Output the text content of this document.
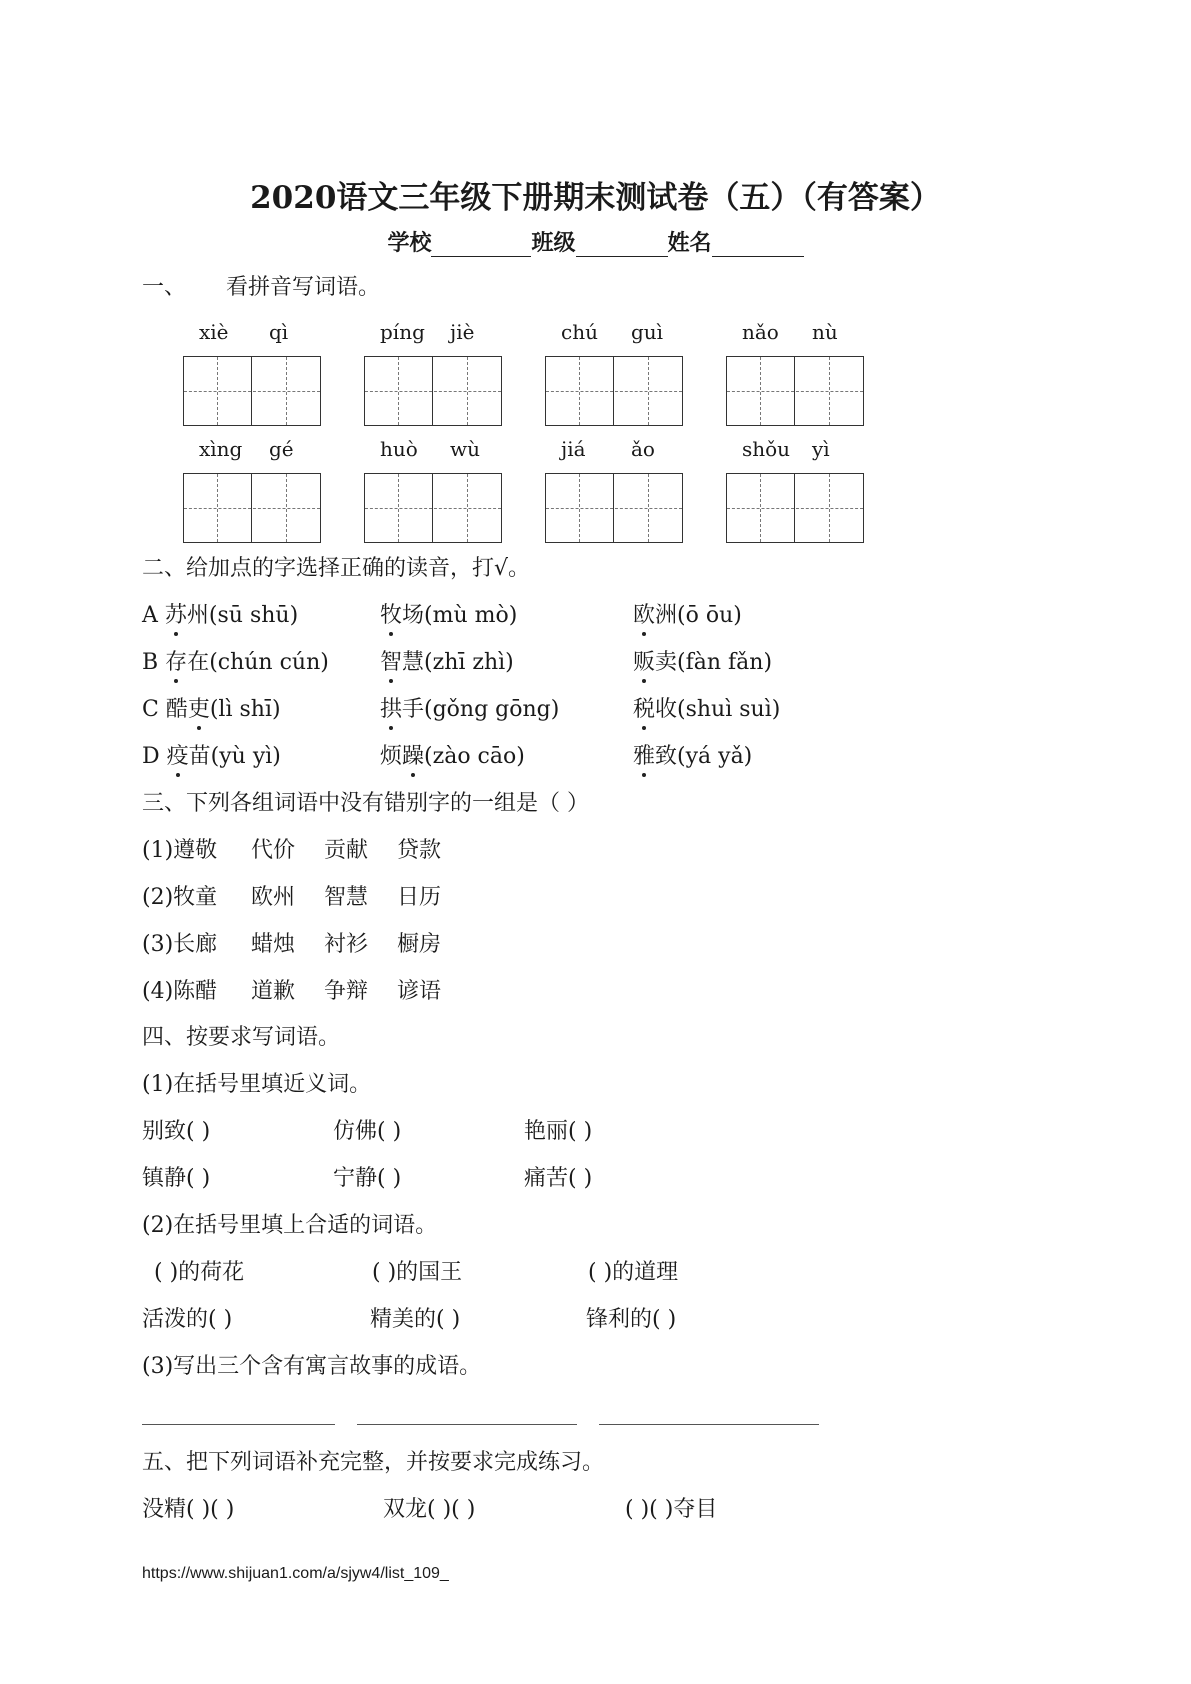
2020语文三年级下册期末测试卷（五）（有答案）
学校	班级	姓名
一、 看拼音写词语。
xiè qì	píng jiè	chú guì	nǎo nù
xìng gé	huò wù	jiá ǎo	shǒu yì
二、给加点的字选择正确的读音，打√。
A 苏州(sū shū)	牧场(mù mò)	欧洲(ō ōu)
B 存在(chún cún) 智慧(zhī zhì)	贩卖(fàn fǎn)
C 酷吏(lì shī)	拱手(gǒng gōng)	税收(shuì suì)
D 疫苗(yù yì)	烦躁(zào cāo)	雅致(yá yǎ)
三、下列各组词语中没有错别字的一组是（ ）
(1)遵敬 代价 贡献 贷款
(2)牧童 欧州 智慧 日历
(3)长廊 蜡烛 衬衫 橱房
(4)陈醋 道歉 争辩 谚语
四、按要求写词语。
(1)在括号里填近义词。
别致( )	仿佛( )	艳丽( )
镇静( )	宁静( )	痛苦( )
(2)在括号里填上合适的词语。
( )的荷花	( )的国王	( )的道理
活泼的( )	精美的( )	锋利的( )
(3)写出三个含有寓言故事的成语。
五、把下列词语补充完整，并按要求完成练习。
没精( )( )	双龙( )( )	( )( )夺目
https://www.shijuan1.com/a/sjyw4/list_109_
